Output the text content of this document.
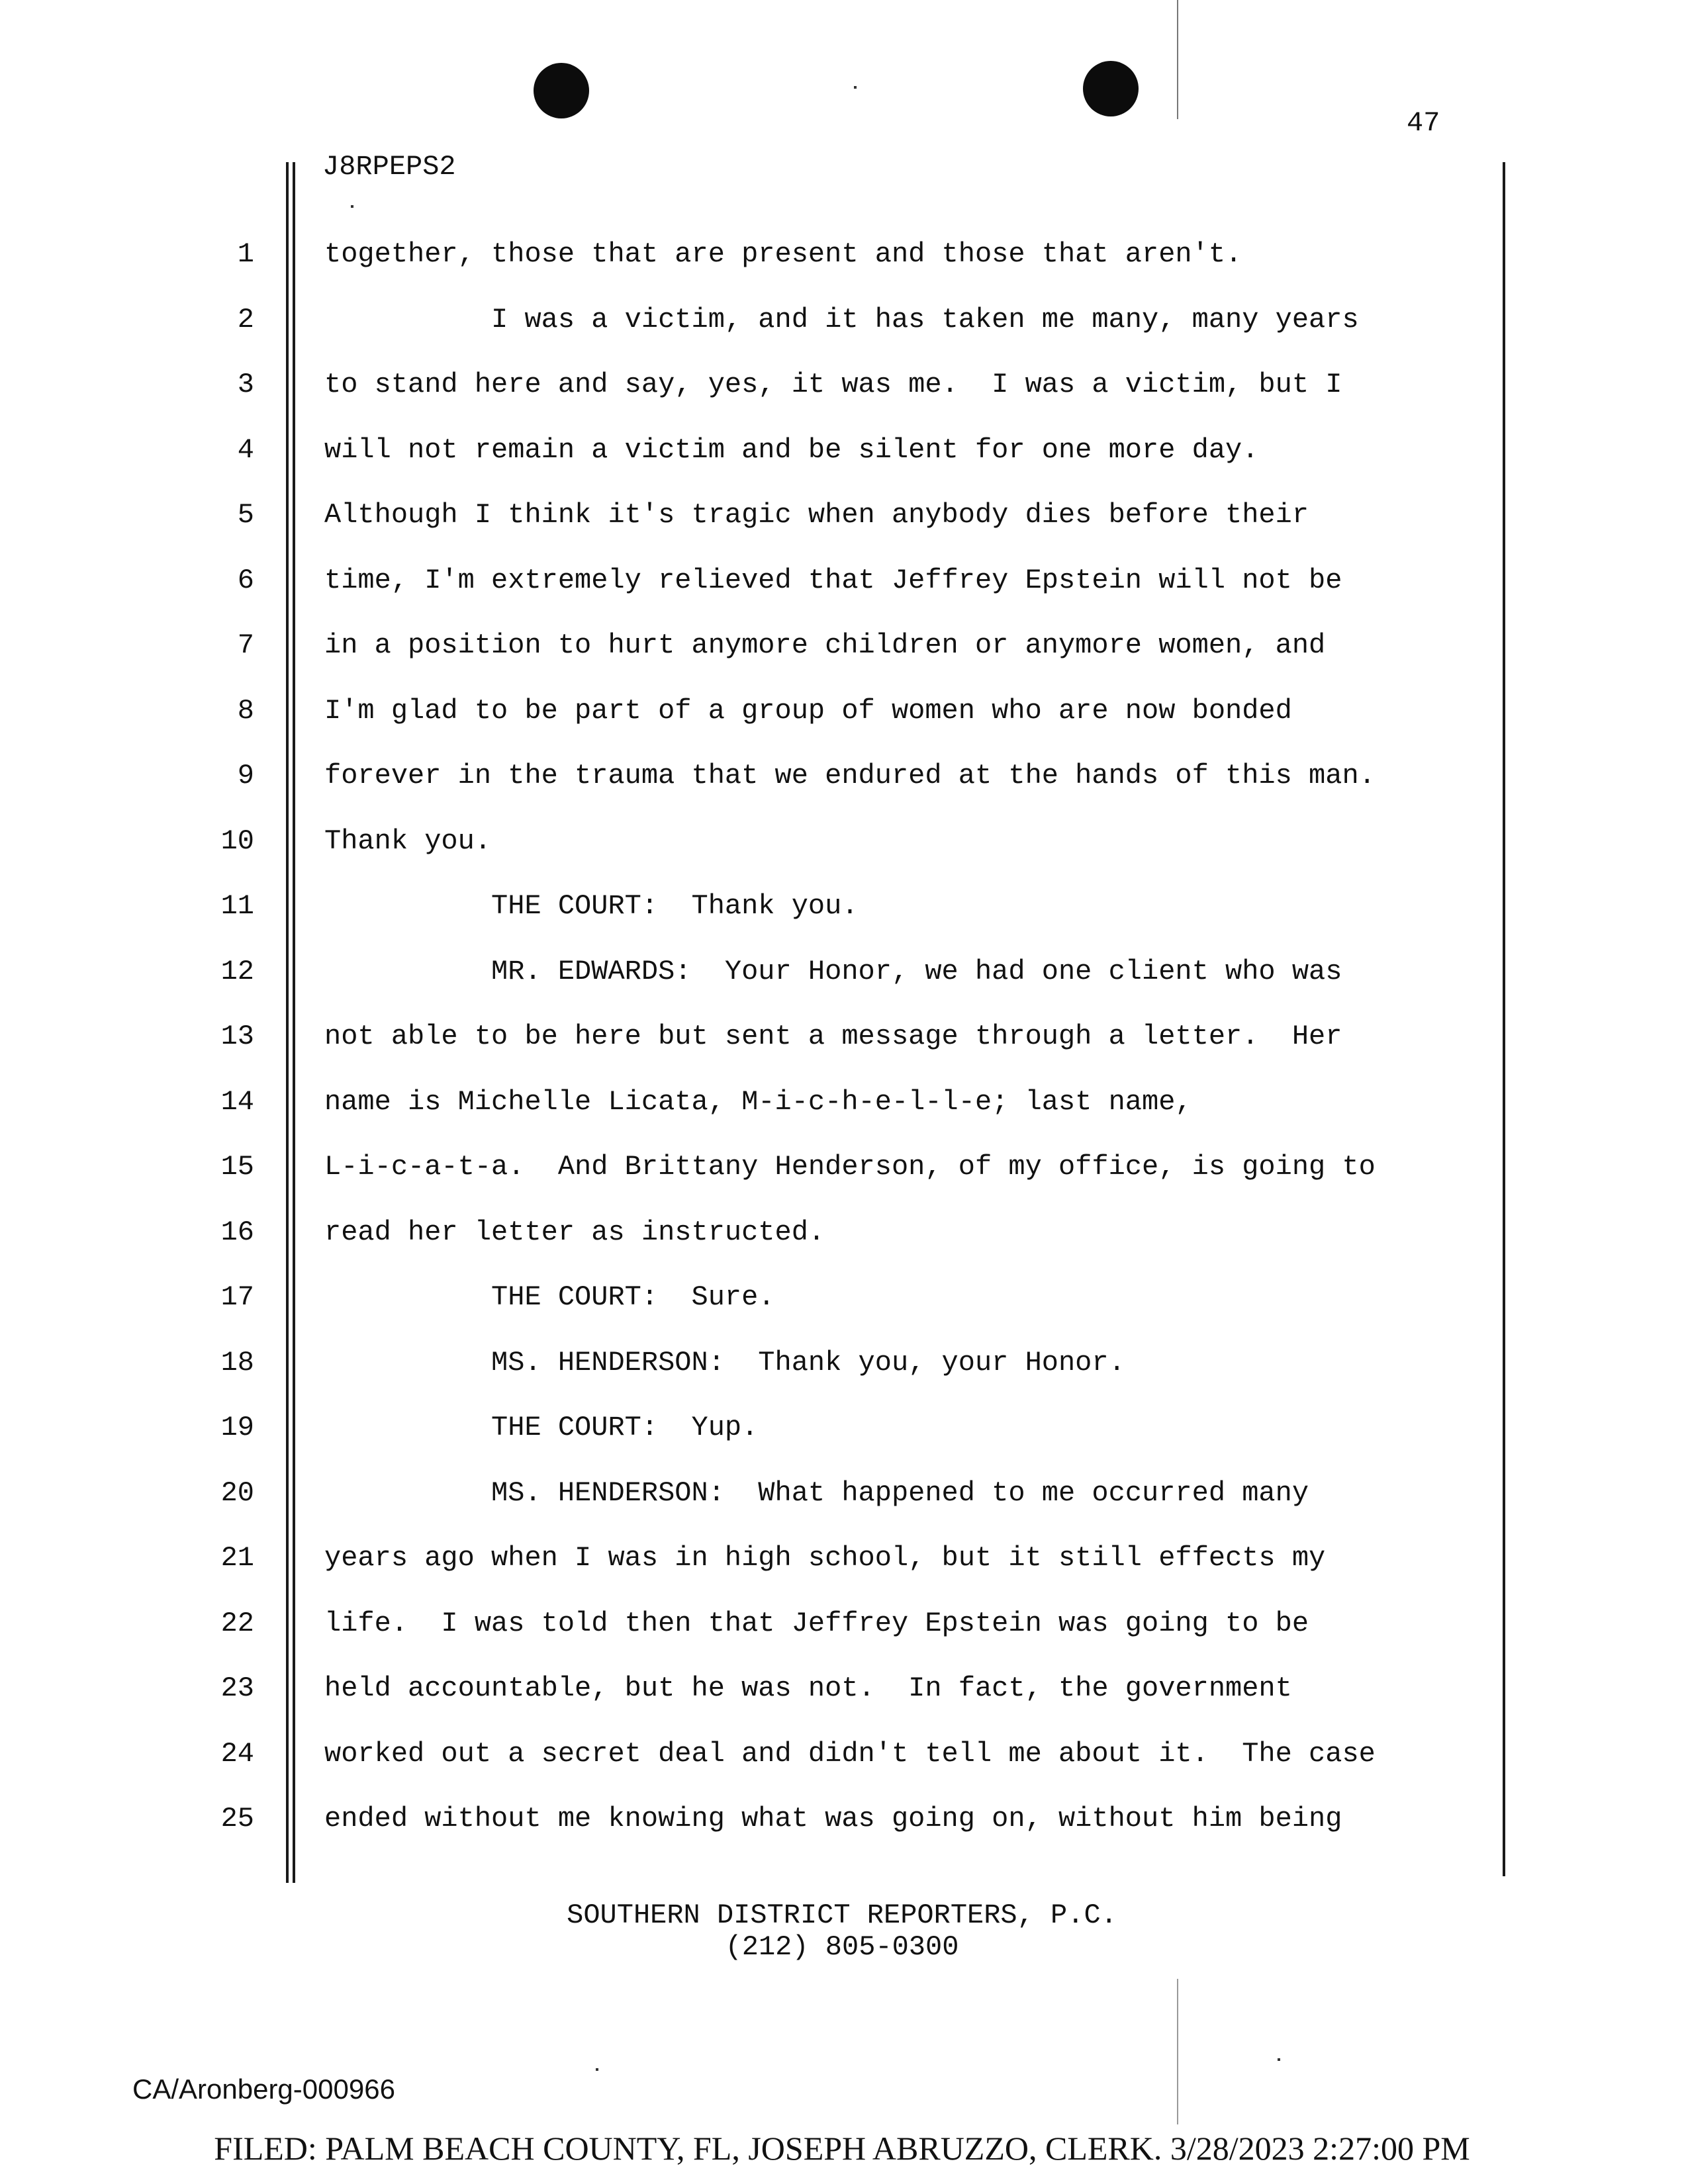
47
J8RPEPS2
1	together, those that are present and those that aren't.
2	I was a victim, and it has taken me many, many years
3	to stand here and say, yes, it was me.  I was a victim, but I
4	will not remain a victim and be silent for one more day.
5	Although I think it's tragic when anybody dies before their
6	time, I'm extremely relieved that Jeffrey Epstein will not be
7	in a position to hurt anymore children or anymore women, and
8	I'm glad to be part of a group of women who are now bonded
9	forever in the trauma that we endured at the hands of this man.
10	Thank you.
11	THE COURT:  Thank you.
12	MR. EDWARDS:  Your Honor, we had one client who was
13	not able to be here but sent a message through a letter.  Her
14	name is Michelle Licata, M-i-c-h-e-l-l-e; last name,
15	L-i-c-a-t-a.  And Brittany Henderson, of my office, is going to
16	read her letter as instructed.
17	THE COURT:  Sure.
18	MS. HENDERSON:  Thank you, your Honor.
19	THE COURT:  Yup.
20	MS. HENDERSON:  What happened to me occurred many
21	years ago when I was in high school, but it still effects my
22	life.  I was told then that Jeffrey Epstein was going to be
23	held accountable, but he was not.  In fact, the government
24	worked out a secret deal and didn't tell me about it.  The case
25	ended without me knowing what was going on, without him being
SOUTHERN DISTRICT REPORTERS, P.C.
(212) 805-0300
CA/Aronberg-000966
FILED: PALM BEACH COUNTY, FL, JOSEPH ABRUZZO, CLERK. 3/28/2023 2:27:00 PM
